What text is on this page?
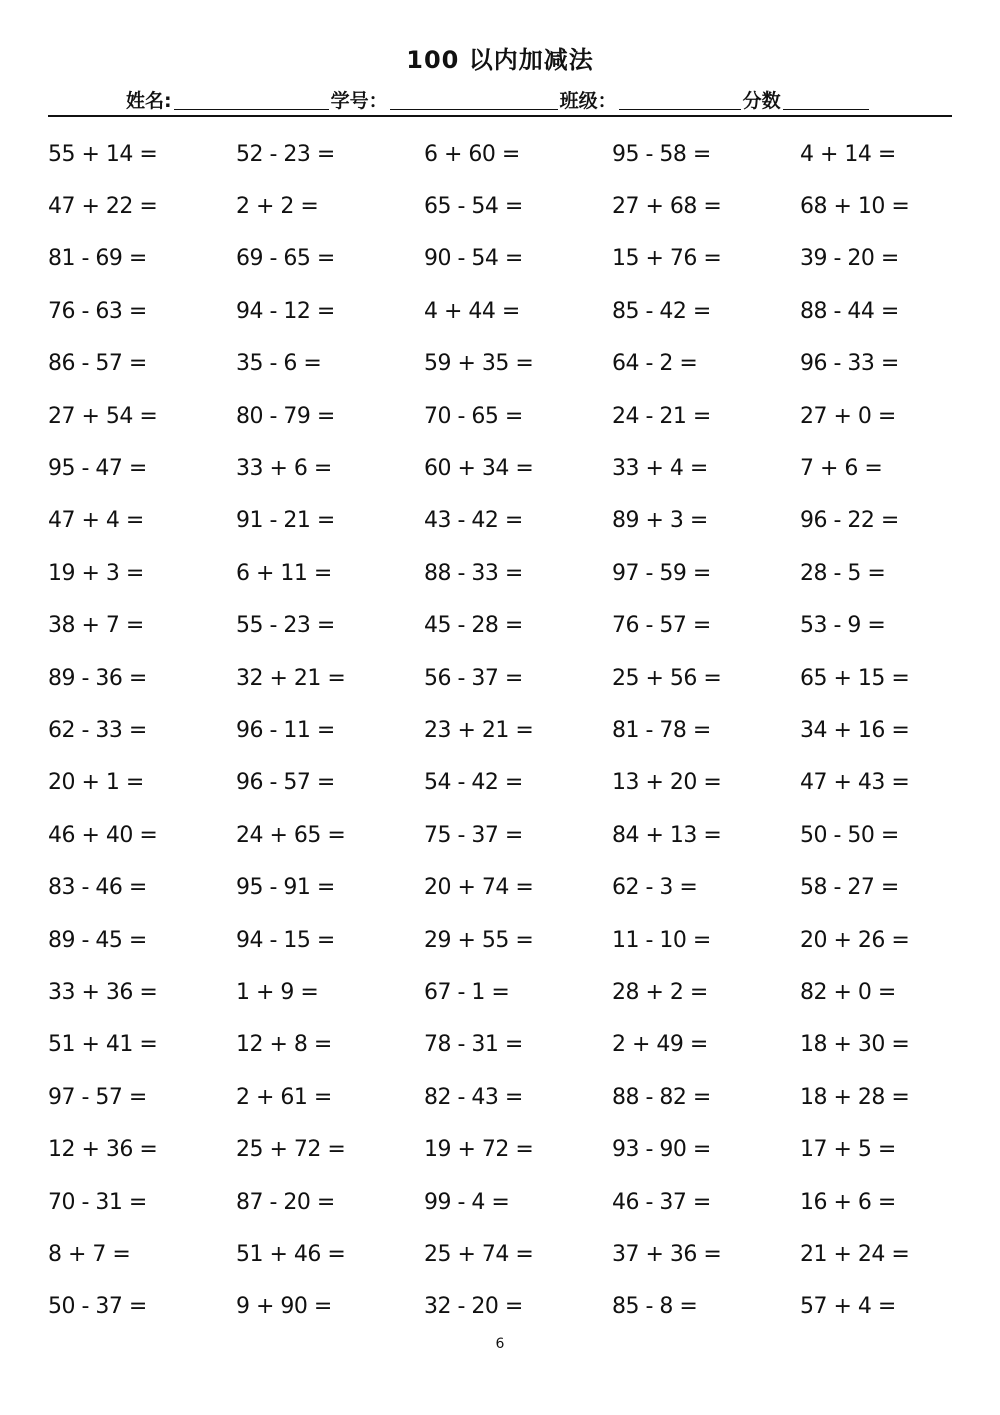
100 以内加减法
姓名:	学号：	班级：	分数
55 + 14 =	52 - 23 =	6 + 60 =	95 - 58 =	4 + 14 =
47 + 22 =	2 + 2 =	65 - 54 =	27 + 68 =	68 + 10 =
81 - 69 =	69 - 65 =	90 - 54 =	15 + 76 =	39 - 20 =
76 - 63 =	94 - 12 =	4 + 44 =	85 - 42 =	88 - 44 =
86 - 57 =	35 - 6 =	59 + 35 =	64 - 2 =	96 - 33 =
27 + 54 =	80 - 79 =	70 - 65 =	24 - 21 =	27 + 0 =
95 - 47 =	33 + 6 =	60 + 34 =	33 + 4 =	7 + 6 =
47 + 4 =	91 - 21 =	43 - 42 =	89 + 3 =	96 - 22 =
19 + 3 =	6 + 11 =	88 - 33 =	97 - 59 =	28 - 5 =
38 + 7 =	55 - 23 =	45 - 28 =	76 - 57 =	53 - 9 =
89 - 36 =	32 + 21 =	56 - 37 =	25 + 56 =	65 + 15 =
62 - 33 =	96 - 11 =	23 + 21 =	81 - 78 =	34 + 16 =
20 + 1 =	96 - 57 =	54 - 42 =	13 + 20 =	47 + 43 =
46 + 40 =	24 + 65 =	75 - 37 =	84 + 13 =	50 - 50 =
83 - 46 =	95 - 91 =	20 + 74 =	62 - 3 =	58 - 27 =
89 - 45 =	94 - 15 =	29 + 55 =	11 - 10 =	20 + 26 =
33 + 36 =	1 + 9 =	67 - 1 =	28 + 2 =	82 + 0 =
51 + 41 =	12 + 8 =	78 - 31 =	2 + 49 =	18 + 30 =
97 - 57 =	2 + 61 =	82 - 43 =	88 - 82 =	18 + 28 =
12 + 36 =	25 + 72 =	19 + 72 =	93 - 90 =	17 + 5 =
70 - 31 =	87 - 20 =	99 - 4 =	46 - 37 =	16 + 6 =
8 + 7 =	51 + 46 =	25 + 74 =	37 + 36 =	21 + 24 =
50 - 37 =	9 + 90 =	32 - 20 =	85 - 8 =	57 + 4 =
6
